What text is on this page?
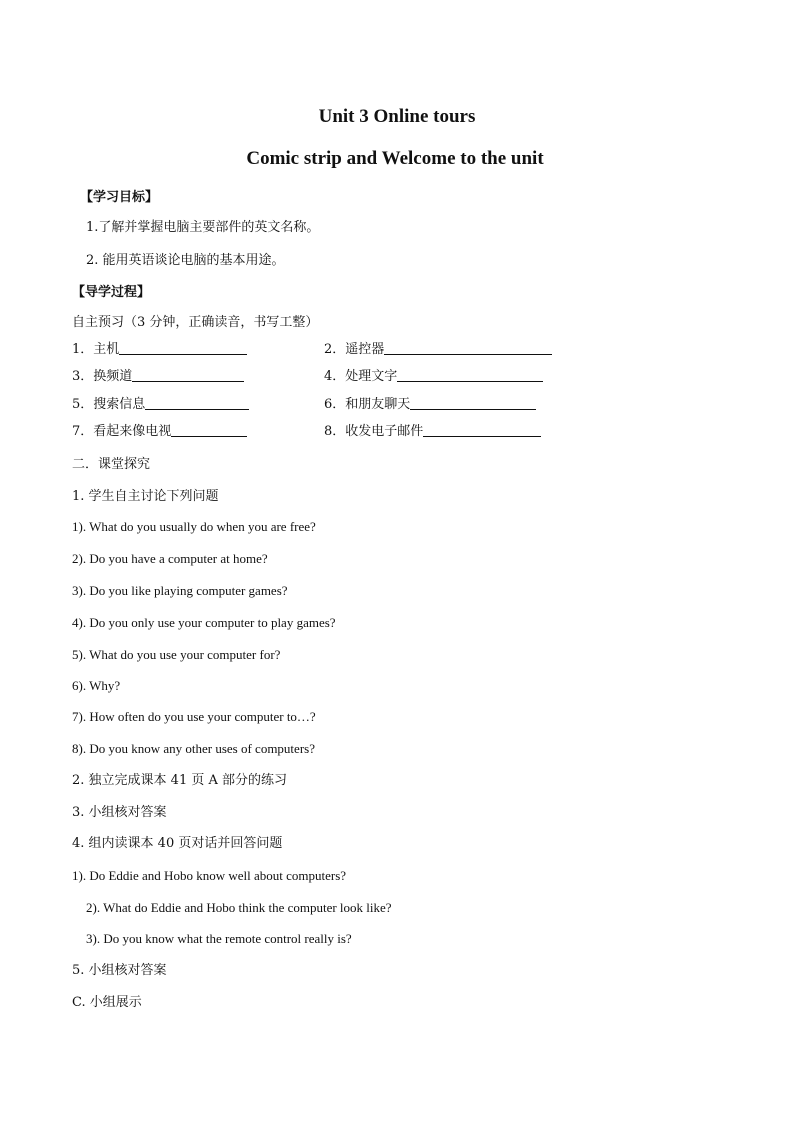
Unit 3 Online tours
Comic strip and Welcome to the unit
【学习目标】
1.了解并掌握电脑主要部件的英文名称。
2. 能用英语谈论电脑的基本用途。
【导学过程】
自主预习（3 分钟，正确读音，书写工整）
1．主机	2．遥控器
3．换频道	4．处理文字
5．搜索信息	6．和朋友聊天
7．看起来像电视	8．收发电子邮件
二．课堂探究
1. 学生自主讨论下列问题
1). What do you usually do when you are free?
2). Do you have a computer at home?
3). Do you like playing computer games?
4). Do you only use your computer to play games?
5). What do you use your computer for?
6). Why?
7). How often do you use your computer to…?
8). Do you know any other uses of computers?
2. 独立完成课本 41 页 A 部分的练习
3. 小组核对答案
4. 组内读课本 40 页对话并回答问题
1). Do Eddie and Hobo know well about computers?
2). What do Eddie and Hobo think the computer look like?
3). Do you know what the remote control really is?
5. 小组核对答案
C. 小组展示
